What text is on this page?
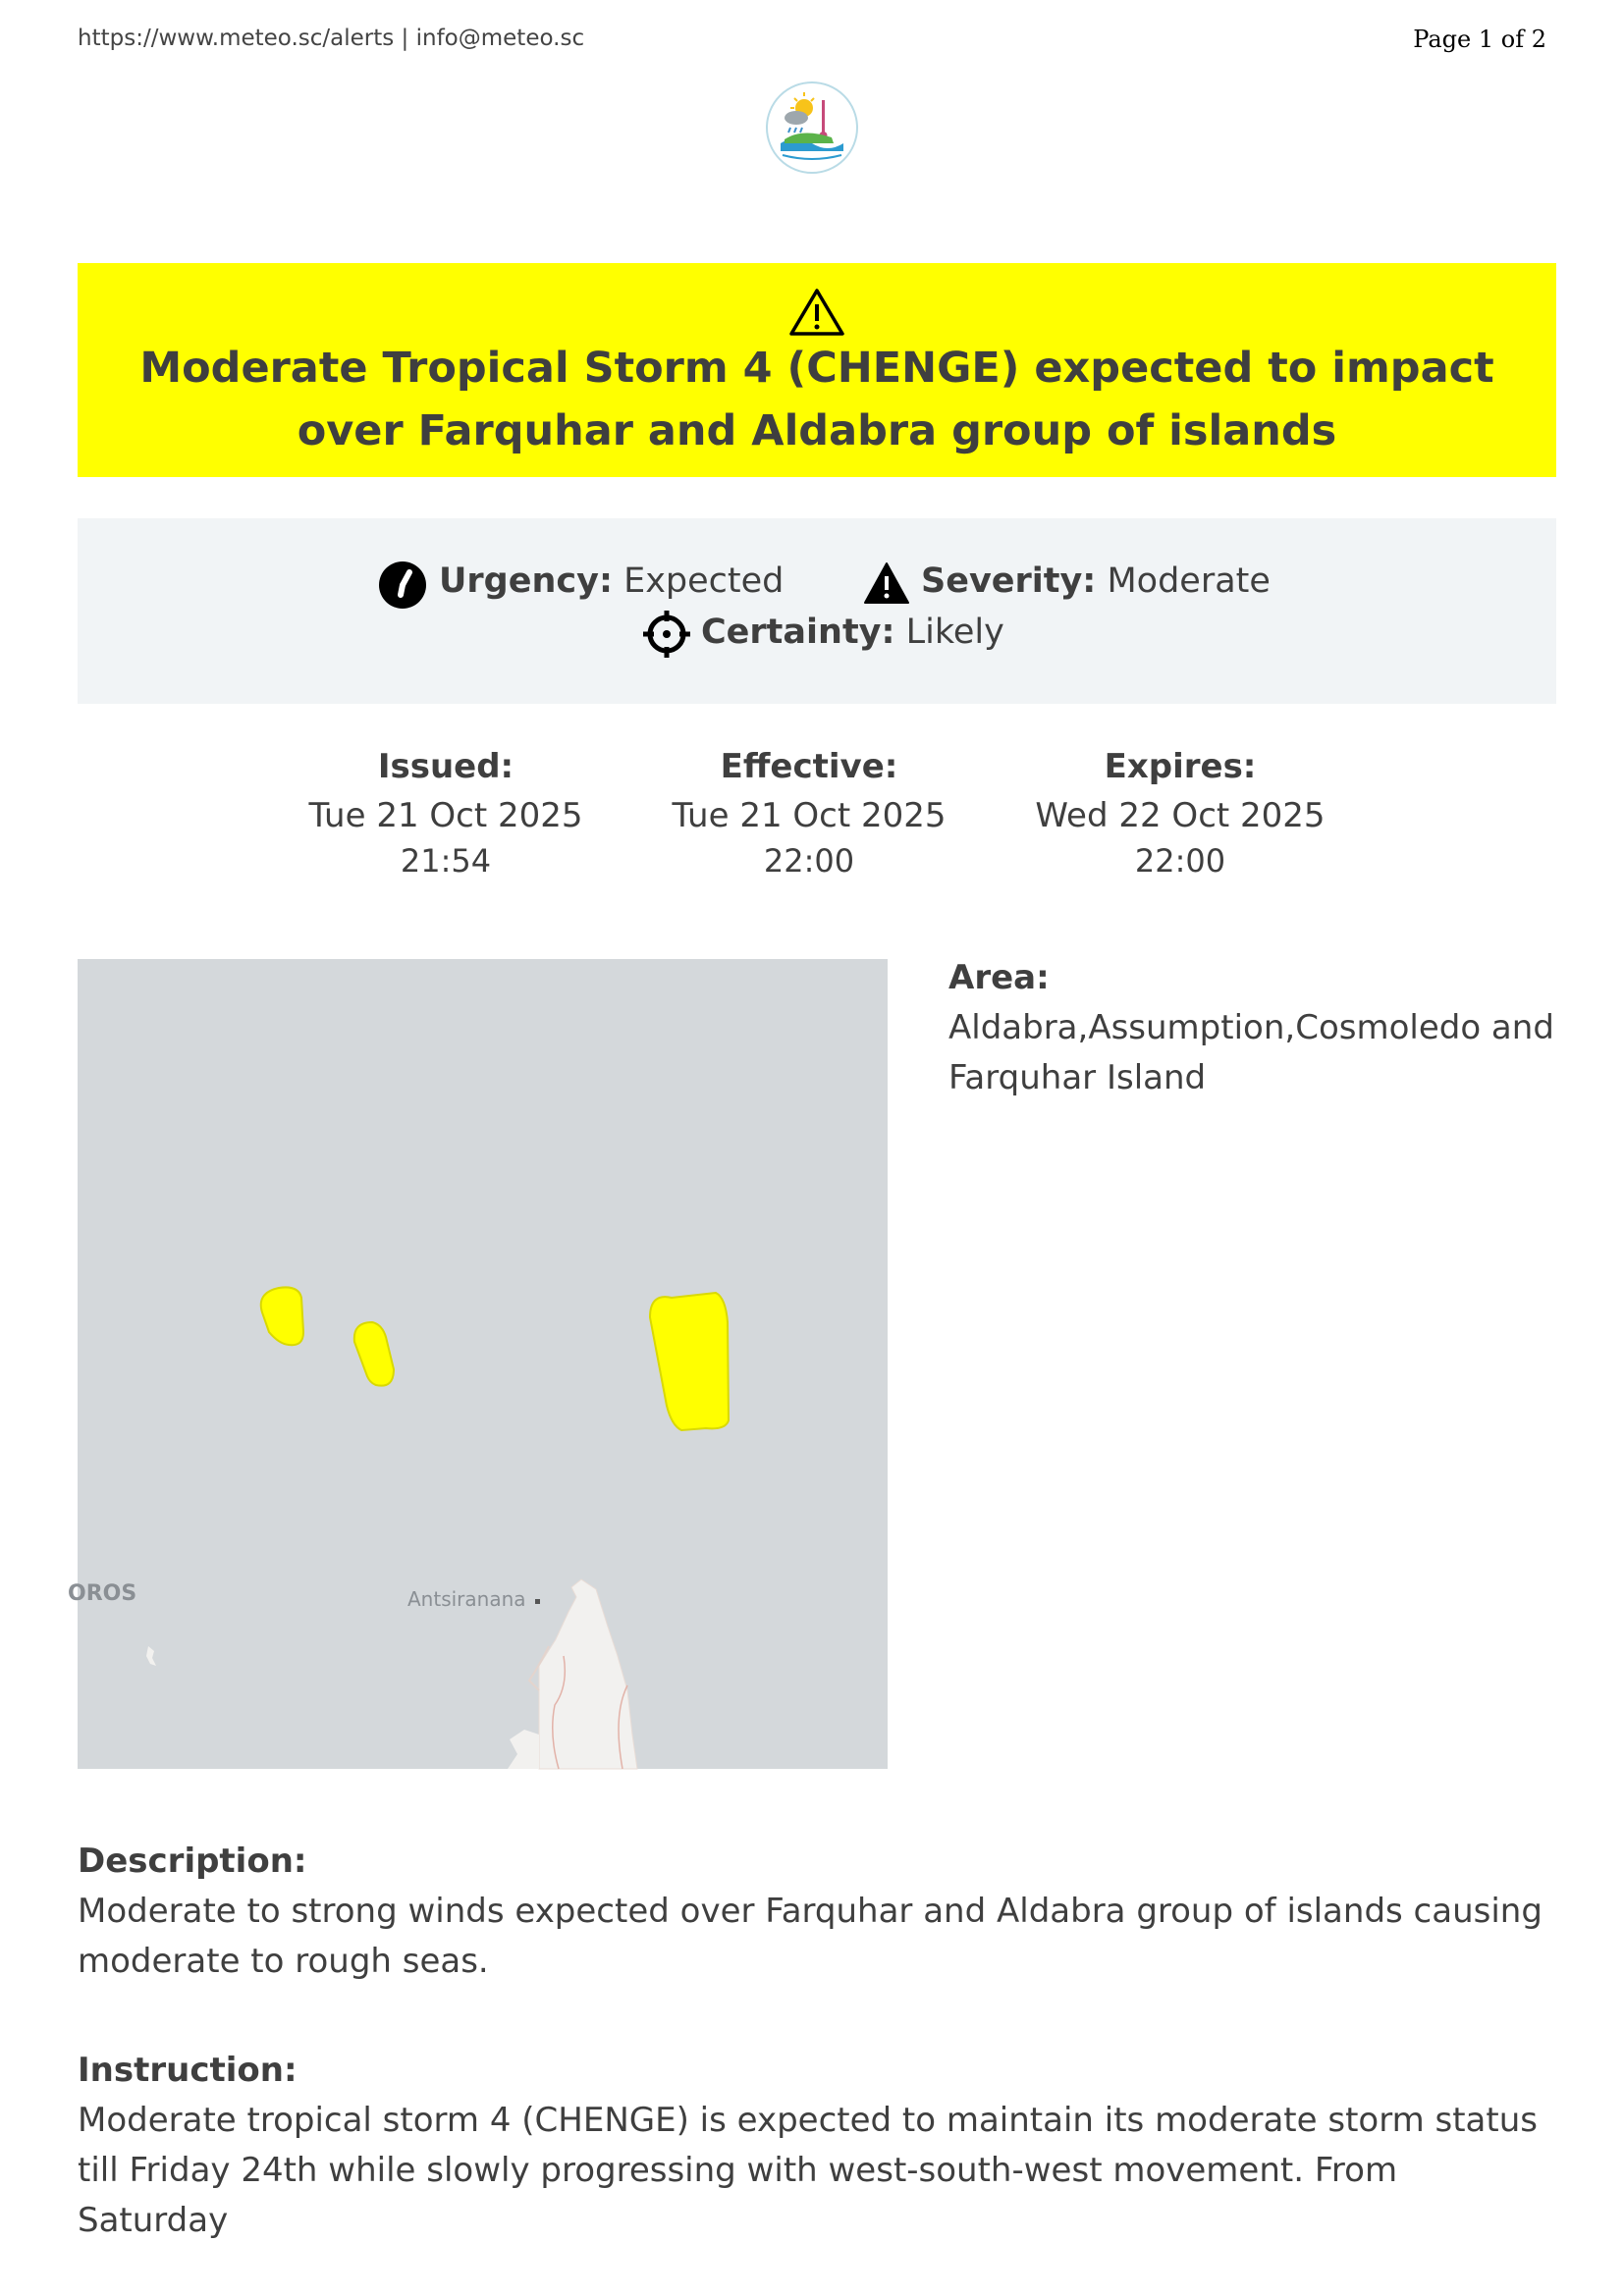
https://www.meteo.sc/alerts | info@meteo.sc	Page 1 of 2
Moderate Tropical Storm 4 (CHENGE) expected to impact over Farquhar and Aldabra group of islands
Urgency: Expected	Severity: Moderate
Certainty: Likely
Issued:
Tue 21 Oct 2025
21:54
Effective:
Tue 21 Oct 2025
22:00
Expires:
Wed 22 Oct 2025
22:00
Antsiranana
OROS
Area:
Aldabra,Assumption,Cosmoledo and Farquhar Island
Description:
Moderate to strong winds expected over Farquhar and Aldabra group of islands causing moderate to rough seas.
Instruction:
Moderate tropical storm 4 (CHENGE) is expected to maintain its moderate storm status till Friday 24th while slowly progressing with west-south-west movement. From Saturday
